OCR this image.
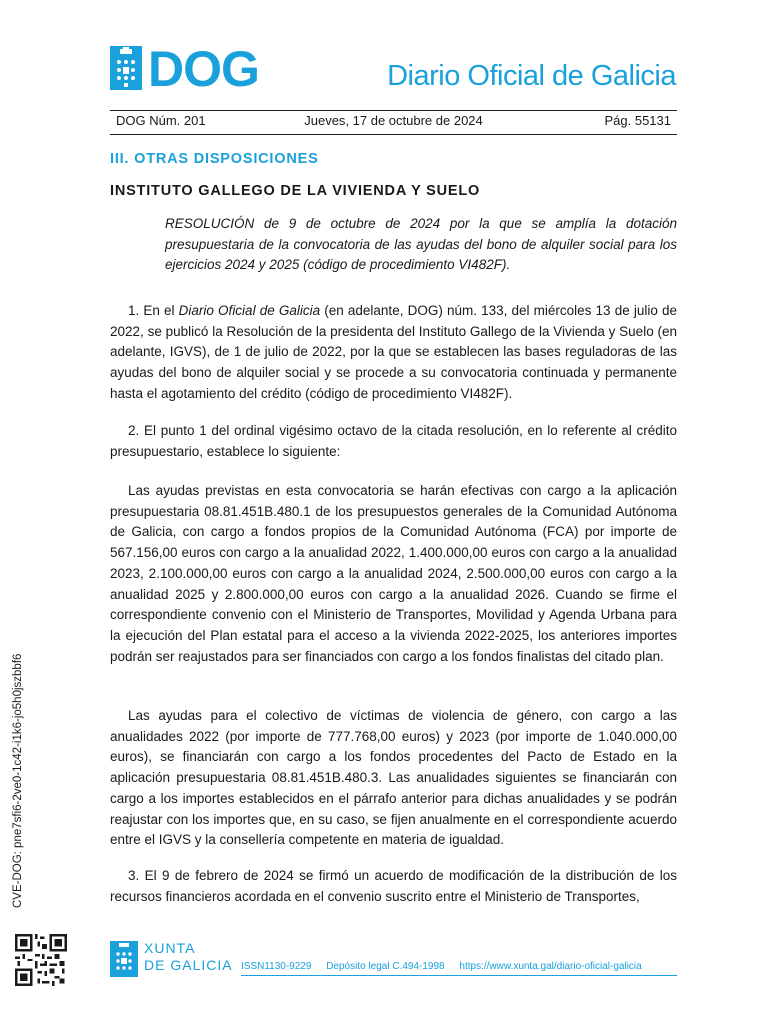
DOG	Diario Oficial de Galicia
DOG Núm. 201	Jueves, 17 de octubre de 2024	Pág. 55131
III. OTRAS DISPOSICIONES
INSTITUTO GALLEGO DE LA VIVIENDA Y SUELO
RESOLUCIÓN de 9 de octubre de 2024 por la que se amplía la dotación presupuestaria de la convocatoria de las ayudas del bono de alquiler social para los ejercicios 2024 y 2025 (código de procedimiento VI482F).
1. En el Diario Oficial de Galicia (en adelante, DOG) núm. 133, del miércoles 13 de julio de 2022, se publicó la Resolución de la presidenta del Instituto Gallego de la Vivienda y Suelo (en adelante, IGVS), de 1 de julio de 2022, por la que se establecen las bases reguladoras de las ayudas del bono de alquiler social y se procede a su convocatoria continuada y permanente hasta el agotamiento del crédito (código de procedimiento VI482F).
2. El punto 1 del ordinal vigésimo octavo de la citada resolución, en lo referente al crédito presupuestario, establece lo siguiente:
Las ayudas previstas en esta convocatoria se harán efectivas con cargo a la aplicación presupuestaria 08.81.451B.480.1 de los presupuestos generales de la Comunidad Autónoma de Galicia, con cargo a fondos propios de la Comunidad Autónoma (FCA) por importe de 567.156,00 euros con cargo a la anualidad 2022, 1.400.000,00 euros con cargo a la anualidad 2023, 2.100.000,00 euros con cargo a la anualidad 2024, 2.500.000,00 euros con cargo a la anualidad 2025 y 2.800.000,00 euros con cargo a la anualidad 2026. Cuando se firme el correspondiente convenio con el Ministerio de Transportes, Movilidad y Agenda Urbana para la ejecución del Plan estatal para el acceso a la vivienda 2022-2025, los anteriores importes podrán ser reajustados para ser financiados con cargo a los fondos finalistas del citado plan.
Las ayudas para el colectivo de víctimas de violencia de género, con cargo a las anualidades 2022 (por importe de 777.768,00 euros) y 2023 (por importe de 1.040.000,00 euros), se financiarán con cargo a los fondos procedentes del Pacto de Estado en la aplicación presupuestaria 08.81.451B.480.3. Las anualidades siguientes se financiarán con cargo a los importes establecidos en el párrafo anterior para dichas anualidades y se podrán reajustar con los importes que, en su caso, se fijen anualmente en el correspondiente acuerdo entre el IGVS y la consellería competente en materia de igualdad.
3. El 9 de febrero de 2024 se firmó un acuerdo de modificación de la distribución de los recursos financieros acordada en el convenio suscrito entre el Ministerio de Transportes,
CVE-DOG: pne7sfi6-2ve0-1c42-i1k6-jo5h0jszbbf6
XUNTA
DE GALICIA ISSN1130-9229 Depósito legal C.494-1998 https://www.xunta.gal/diario-oficial-galicia
